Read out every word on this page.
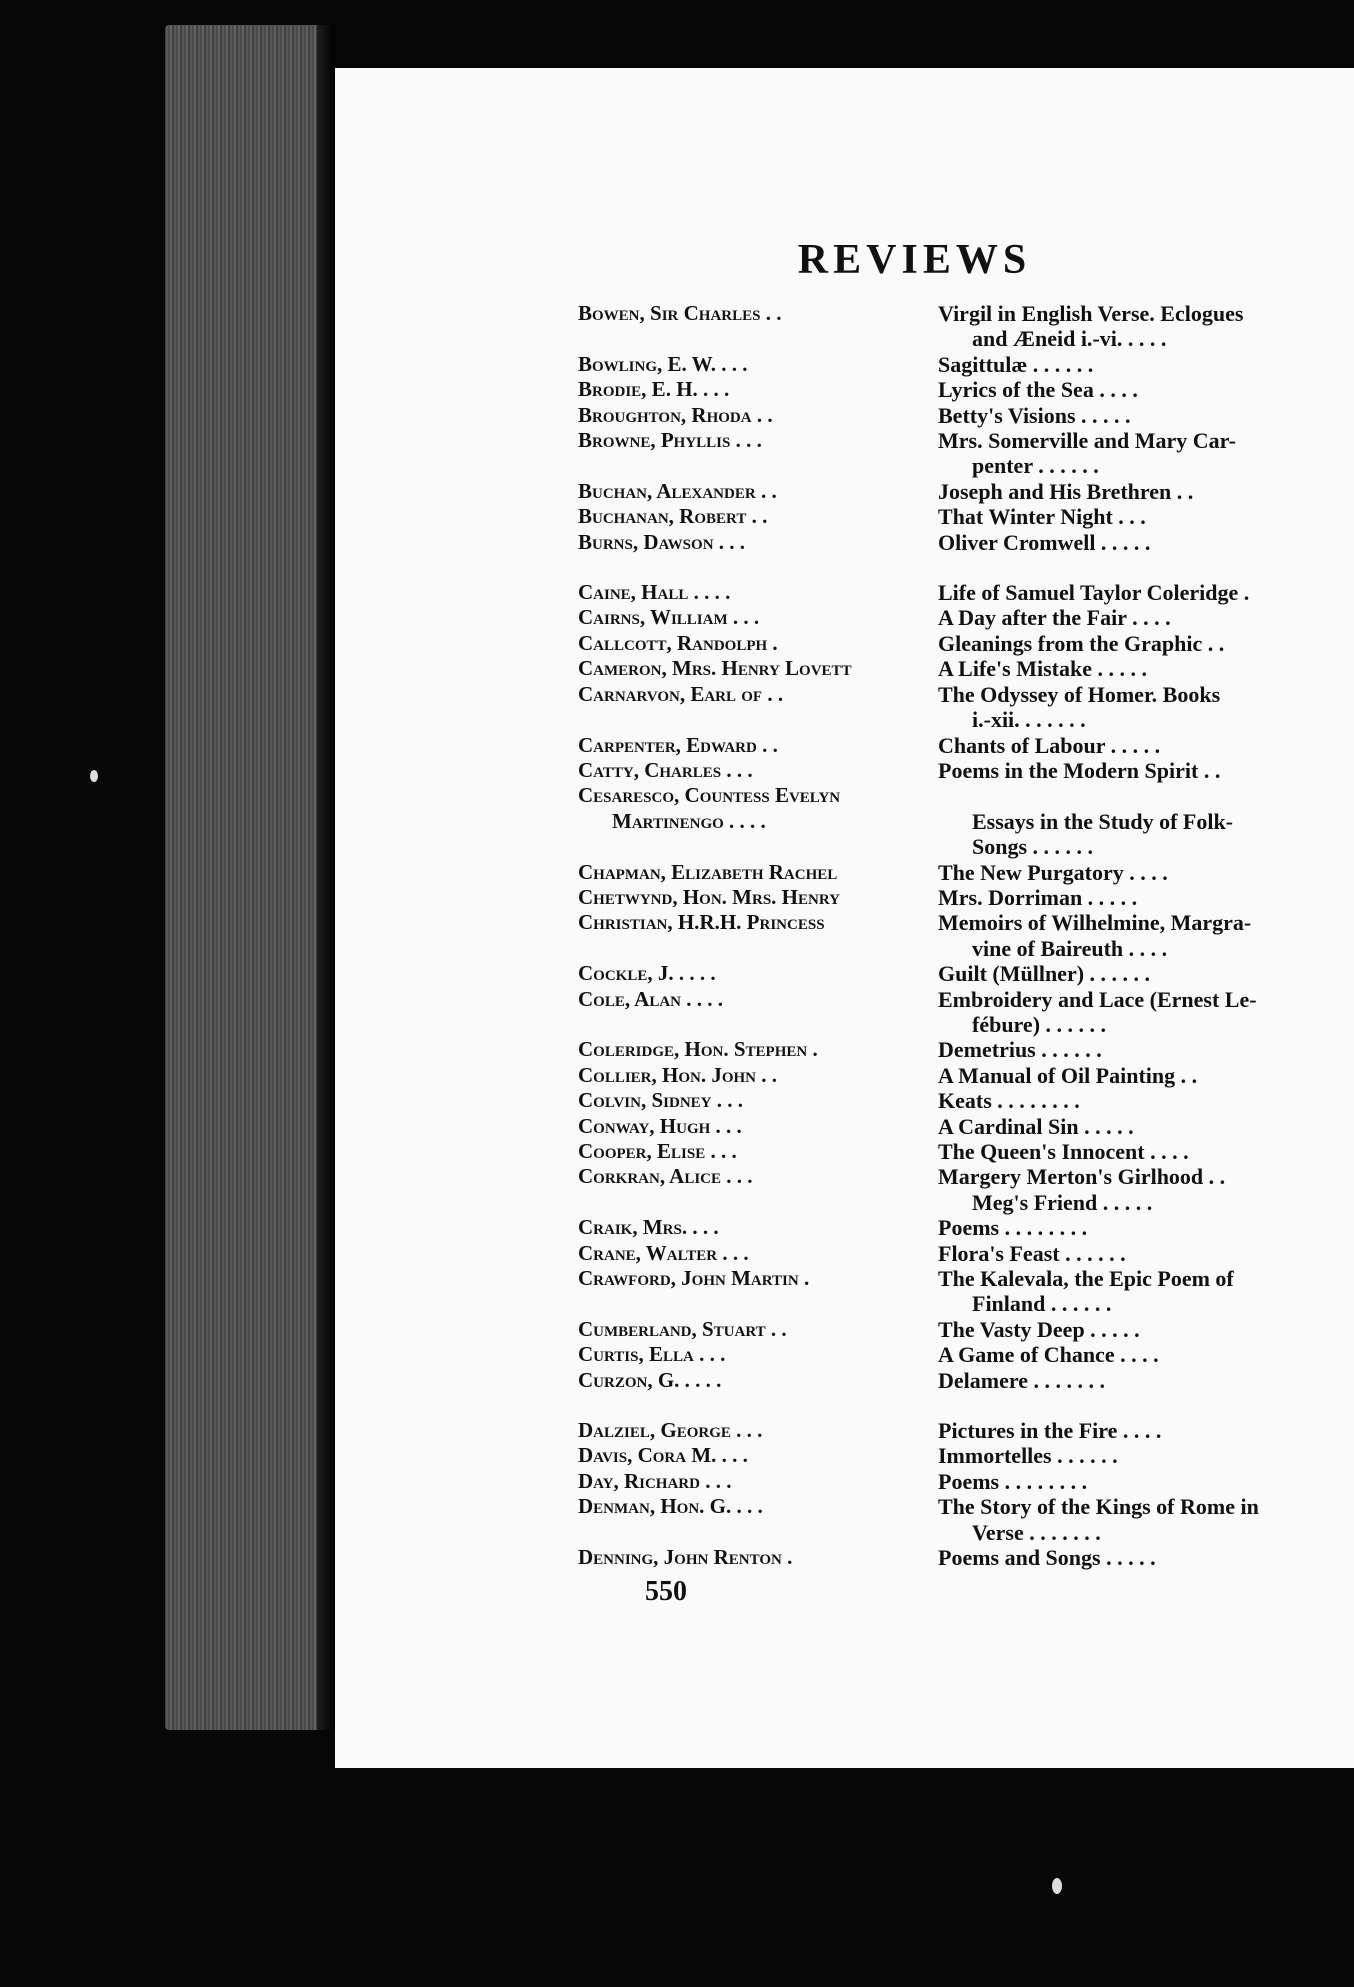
REVIEWS
Bowen, Sir Charles . .	Virgil in English Verse. Eclogues
and Æneid i.-vi. . . . .
Bowling, E. W. . . .	Sagittulæ . . . . . .
Brodie, E. H. . . .	Lyrics of the Sea . . . .
Broughton, Rhoda . .	Betty's Visions . . . . .
Browne, Phyllis . . .	Mrs. Somerville and Mary Car-
penter . . . . . .
Buchan, Alexander . .	Joseph and His Brethren . .
Buchanan, Robert . .	That Winter Night . . .
Burns, Dawson . . .	Oliver Cromwell . . . . .
Caine, Hall . . . .	Life of Samuel Taylor Coleridge .
Cairns, William . . .	A Day after the Fair . . . .
Callcott, Randolph .	Gleanings from the Graphic . .
Cameron, Mrs. Henry Lovett	A Life's Mistake . . . . .
Carnarvon, Earl of . .	The Odyssey of Homer. Books
i.-xii. . . . . . .
Carpenter, Edward . .	Chants of Labour . . . . .
Catty, Charles . . .	Poems in the Modern Spirit . .
Cesaresco, Countess Evelyn
Martinengo . . . .	Essays in the Study of Folk-
Songs . . . . . .
Chapman, Elizabeth Rachel	The New Purgatory . . . .
Chetwynd, Hon. Mrs. Henry	Mrs. Dorriman . . . . .
Christian, H.R.H. Princess	Memoirs of Wilhelmine, Margra-
vine of Baireuth . . . .
Cockle, J. . . . .	Guilt (Müllner) . . . . . .
Cole, Alan . . . .	Embroidery and Lace (Ernest Le-
fébure) . . . . . .
Coleridge, Hon. Stephen .	Demetrius . . . . . .
Collier, Hon. John . .	A Manual of Oil Painting . .
Colvin, Sidney . . .	Keats . . . . . . . .
Conway, Hugh . . .	A Cardinal Sin . . . . .
Cooper, Elise . . .	The Queen's Innocent . . . .
Corkran, Alice . . .	Margery Merton's Girlhood . .
Meg's Friend . . . . .
Craik, Mrs. . . .	Poems . . . . . . . .
Crane, Walter . . .	Flora's Feast . . . . . .
Crawford, John Martin .	The Kalevala, the Epic Poem of
Finland . . . . . .
Cumberland, Stuart . .	The Vasty Deep . . . . .
Curtis, Ella . . .	A Game of Chance . . . .
Curzon, G. . . . .	Delamere . . . . . . .
Dalziel, George . . .	Pictures in the Fire . . . .
Davis, Cora M. . . .	Immortelles . . . . . .
Day, Richard . . .	Poems . . . . . . . .
Denman, Hon. G. . . .	The Story of the Kings of Rome in
Verse . . . . . . .
Denning, John Renton .	Poems and Songs . . . . .
550
